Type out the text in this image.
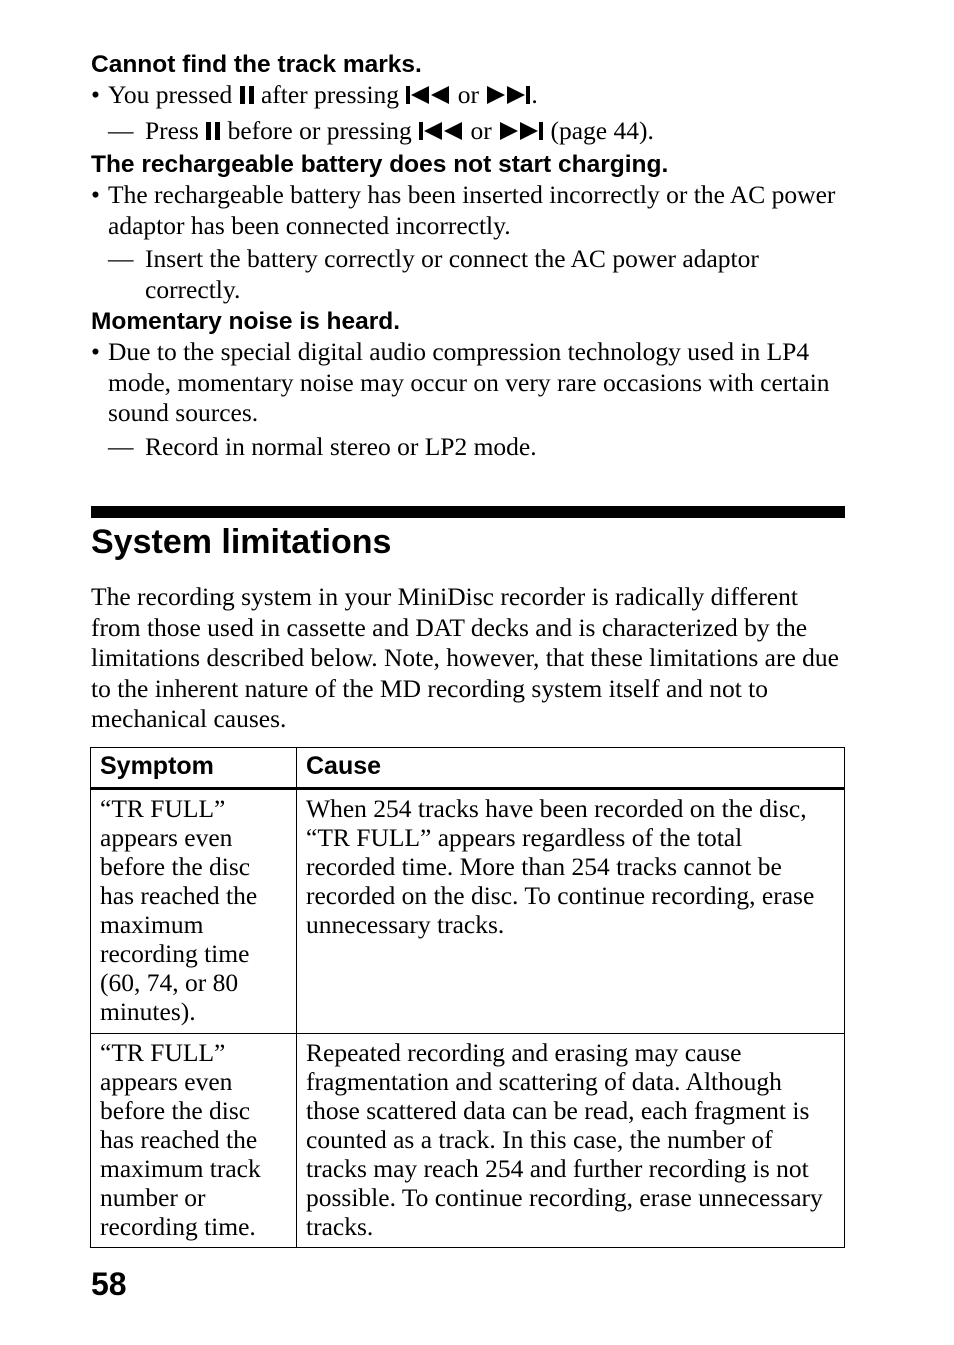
Cannot find the track marks.

• You pressed after pressing or .

— Press before or pressing or (page 44).

The rechargeable battery does not start charging.

• The rechargeable battery has been inserted incorrectly or the AC power adaptor has been connected incorrectly.

— Insert the battery correctly or connect the AC power adaptor correctly.

Momentary noise is heard.

• Due to the special digital audio compression technology used in LP4 mode, momentary noise may occur on very rare occasions with certain sound sources.

— Record in normal stereo or LP2 mode.

System limitations

The recording system in your MiniDisc recorder is radically different from those used in cassette and DAT decks and is characterized by the limitations described below. Note, however, that these limitations are due to the inherent nature of the MD recording system itself and not to mechanical causes.

Symptom	Cause
“TR FULL” appears even before the disc has reached the maximum recording time (60, 74, or 80 minutes).	When 254 tracks have been recorded on the disc, “TR FULL” appears regardless of the total recorded time. More than 254 tracks cannot be recorded on the disc. To continue recording, erase unnecessary tracks.
“TR FULL” appears even before the disc has reached the maximum track number or recording time.	Repeated recording and erasing may cause fragmentation and scattering of data. Although those scattered data can be read, each fragment is counted as a track. In this case, the number of tracks may reach 254 and further recording is not possible. To continue recording, erase unnecessary tracks.

58
